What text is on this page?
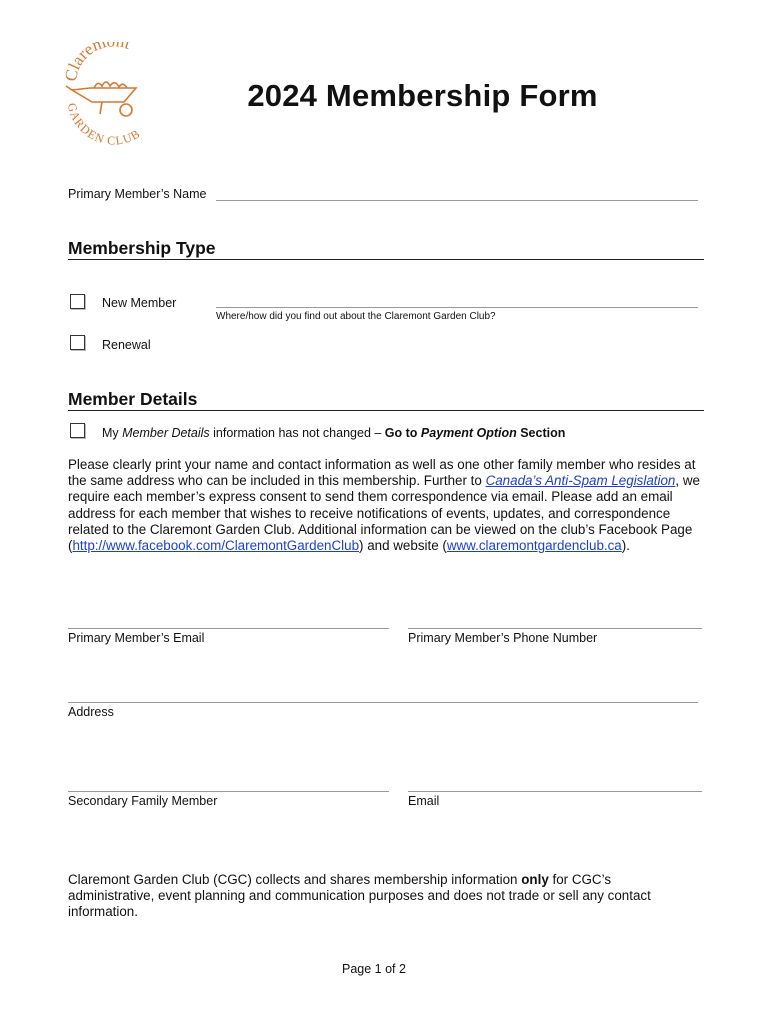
Clarem t
GARDEN CLUB
2024 Membership Form
Primary Member’s Name
Membership Type
New Member
Where/how did you find out about the Claremont Garden Club?
Renewal
Member Details
My Member Details information has not changed – Go to Payment Option Section
Please clearly print your name and contact information as well as one other family member who resides at the same address who can be included in this membership. Further to Canada’s Anti-Spam Legislation, we require each member’s express consent to send them correspondence via email. Please add an email address for each member that wishes to receive notifications of events, updates, and correspondence related to the Claremont Garden Club. Additional information can be viewed on the club’s Facebook Page (http://www.facebook.com/ClaremontGardenClub) and website (www.claremontgardenclub.ca).
Primary Member’s Email	Primary Member’s Phone Number
Address
Secondary Family Member	Email
Claremont Garden Club (CGC) collects and shares membership information only for CGC’s administrative, event planning and communication purposes and does not trade or sell any contact information.
Page 1 of 2
